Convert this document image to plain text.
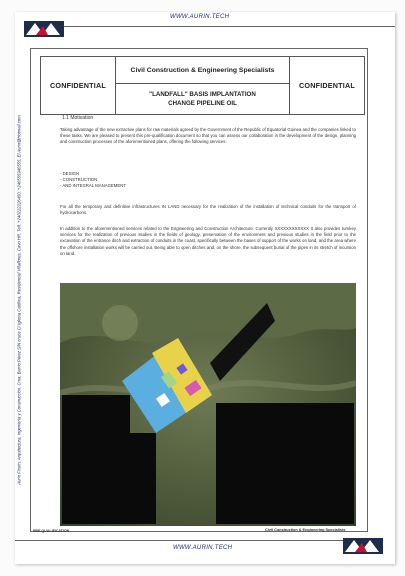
WWW.AURIN.TECH
Aurin Firstin, Arquitectura, Ingeniería y Construcción. Cma. Barrio Pérez S/N cruce C/ Iglesia Católica, Residencial Villaflores, Cavo HR. Telf. +240222226450, +240555940555, El Aurin@Hotmail.com
CONFIDENTIAL	Civil Construction & Engineering Specialists	CONFIDENTIAL

"LANDFALL" BASIS IMPLANTATION
CHANGE PIPELINE OIL
1.1 Motivation

Taking advantage of the new extractive plans for raw materials agreed by the Government of the Republic of Equatorial Guinea and the companies linked to these tasks. We are pleased to present this pre-qualification document so that you can assess our collaboration in the development of the design, planning and construction processes of the aforementioned plans, offering the following services:

- DESIGN
- CONSTRUCTION
- AND INTEGRAL MANAGEMENT

For all the temporary and definitive infrastructures IN LAND necessary for the realization of the installation of technical conduits for the transport of hydrocarbons.

In addition to the aforementioned services related to the Engineering and Construction Architecture. Currently XXXXXXXXXXXX It also provides turnkey services for the realization of previous studies in the fields of geology, preservation of the environment and previous studies in the field prior to the excavation of the entrance ditch and extraction of conduits in the coast, specifically between the bases of support of the works on land, and the area where the offshore installation works will be carried out. Being able to open ditches and, on the shore, the subsequent burial of the pipes in its stretch of incursion on land.

PRE QUALIFICATION	Civil Construction & Engineering Specialists
WWW.AURIN.TECH
